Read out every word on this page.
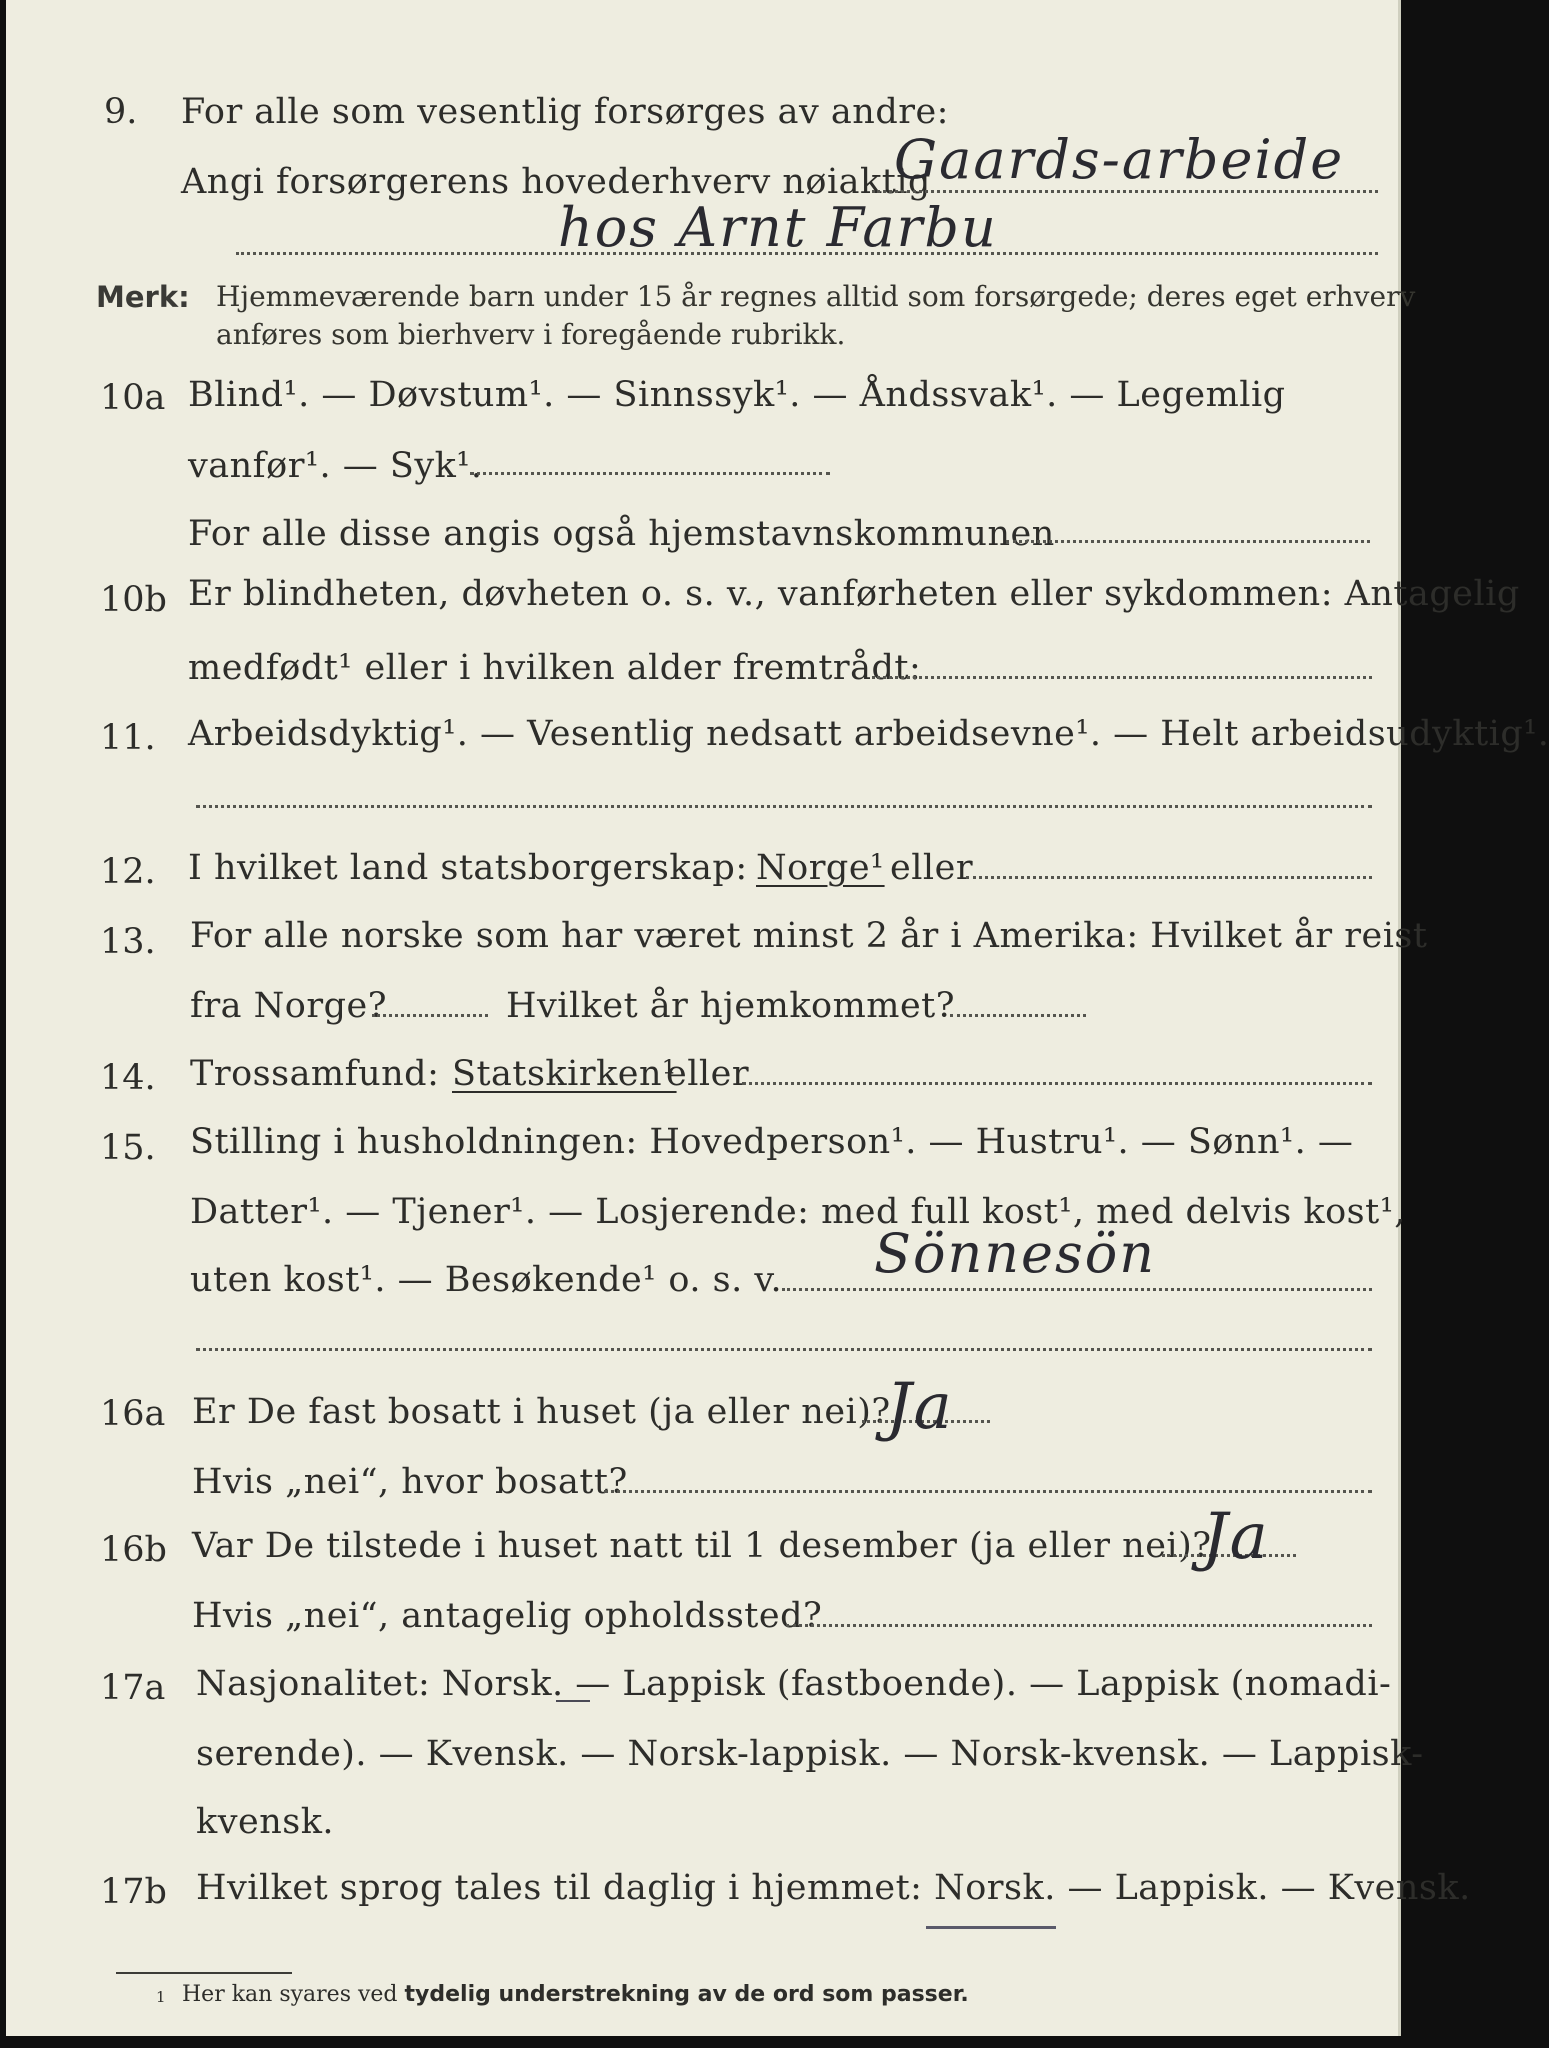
9. For alle som vesentlig forsørges av andre:
Angi forsørgerens hovederhverv nøiaktig
Gaards-arbeide
hos Arnt Farbu
Merk: Hjemmeværende barn under 15 år regnes alltid som forsørgede; deres eget erhverv
anføres som bierhverv i foregående rubrikk.
10a Blind¹. — Døvstum¹. — Sinnssyk¹. — Åndssvak¹. — Legemlig
vanfør¹. — Syk¹.
For alle disse angis også hjemstavnskommunen
10b Er blindheten, døvheten o. s. v., vanførheten eller sykdommen: Antagelig
medfødt¹ eller i hvilken alder fremtrådt:
11. Arbeidsdyktig¹. — Vesentlig nedsatt arbeidsevne¹. — Helt arbeidsudyktig¹.
12. I hvilket land statsborgerskap: Norge¹ eller
13. For alle norske som har været minst 2 år i Amerika: Hvilket år reist
fra Norge?	Hvilket år hjemkommet?
14. Trossamfund: Statskirken¹
eller
15. Stilling i husholdningen: Hovedperson¹. — Hustru¹. — Sønn¹. —
Datter¹. — Tjener¹. — Losjerende: med full kost¹, med delvis kost¹,
uten kost¹. — Besøkende¹ o. s. v. Sönnesön
16a Er De fast bosatt i huset (ja eller nei)?
Ja
Hvis „nei“, hvor bosatt?
16b Var De tilstede i huset natt til 1 desember (ja eller nei)?
Ja
Hvis „nei“, antagelig opholdssted?
17a Nasjonalitet: Norsk. — Lappisk (fastboende). — Lappisk (nomadi-
serende). — Kvensk. — Norsk-lappisk. — Norsk-kvensk. — Lappisk-
kvensk.
17b Hvilket sprog tales til daglig i hjemmet: Norsk. — Lappisk. — Kvensk.
1 Her kan syares ved tydelig understrekning av de ord som passer.
